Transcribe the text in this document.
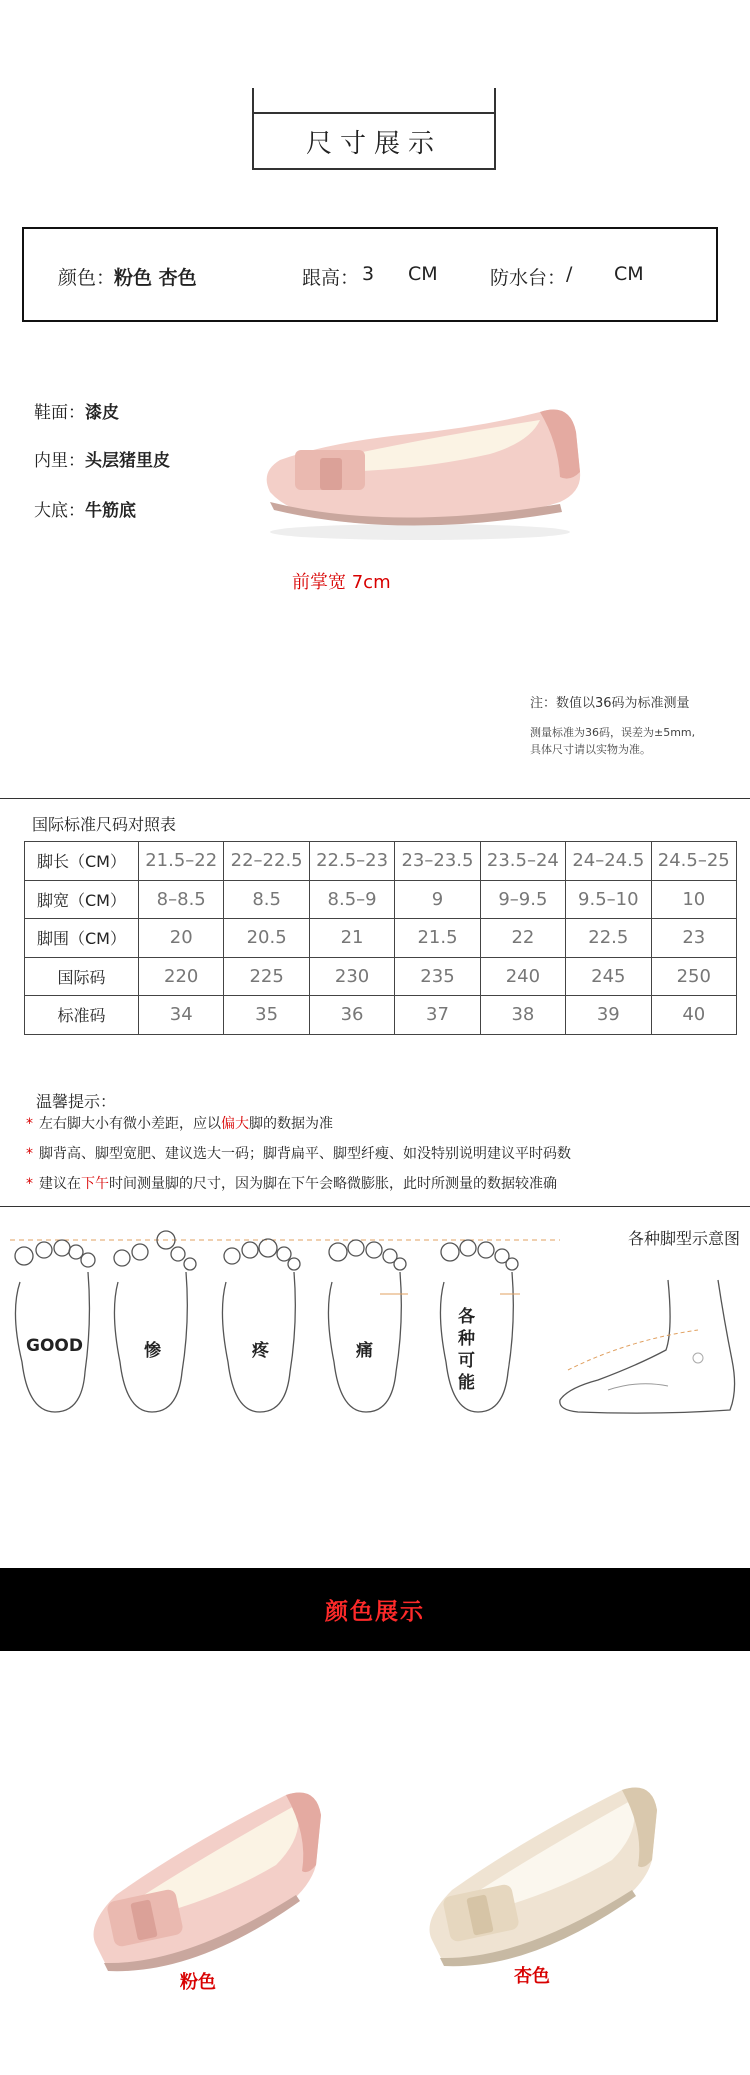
尺寸展示
颜色：
粉色 杏色	跟高： 3 CM	防水台： / CM
鞋面：漆皮
内里：头层猪里皮
大底：牛筋底
前掌宽 7cm
注：数值以36码为标准测量
测量标准为36码，误差为±5mm,
具体尺寸请以实物为准。
国际标准尺码对照表
脚长（CM）	21.5–22	22–22.5	22.5–23	23–23.5	23.5–24	24–24.5	24.5–25
脚宽（CM）	8–8.5	8.5	8.5–9	9	9–9.5	9.5–10	10
脚围（CM）	20	20.5	21	21.5	22	22.5	23
国际码	220	225	230	235	240	245	250
标准码	34	35	36	37	38	39	40
温馨提示：
* 左右脚大小有微小差距，应以偏大脚的数据为准
* 脚背高、脚型宽肥、建议选大一码；脚背扁平、脚型纤瘦、如没特别说明建议平时码数
* 建议在下午时间测量脚的尺寸，因为脚在下午会略微膨胀，此时所测量的数据较准确
各种脚型示意图
GOOD	惨	疼	痛
各种可能
颜色展示
粉色	杏色
